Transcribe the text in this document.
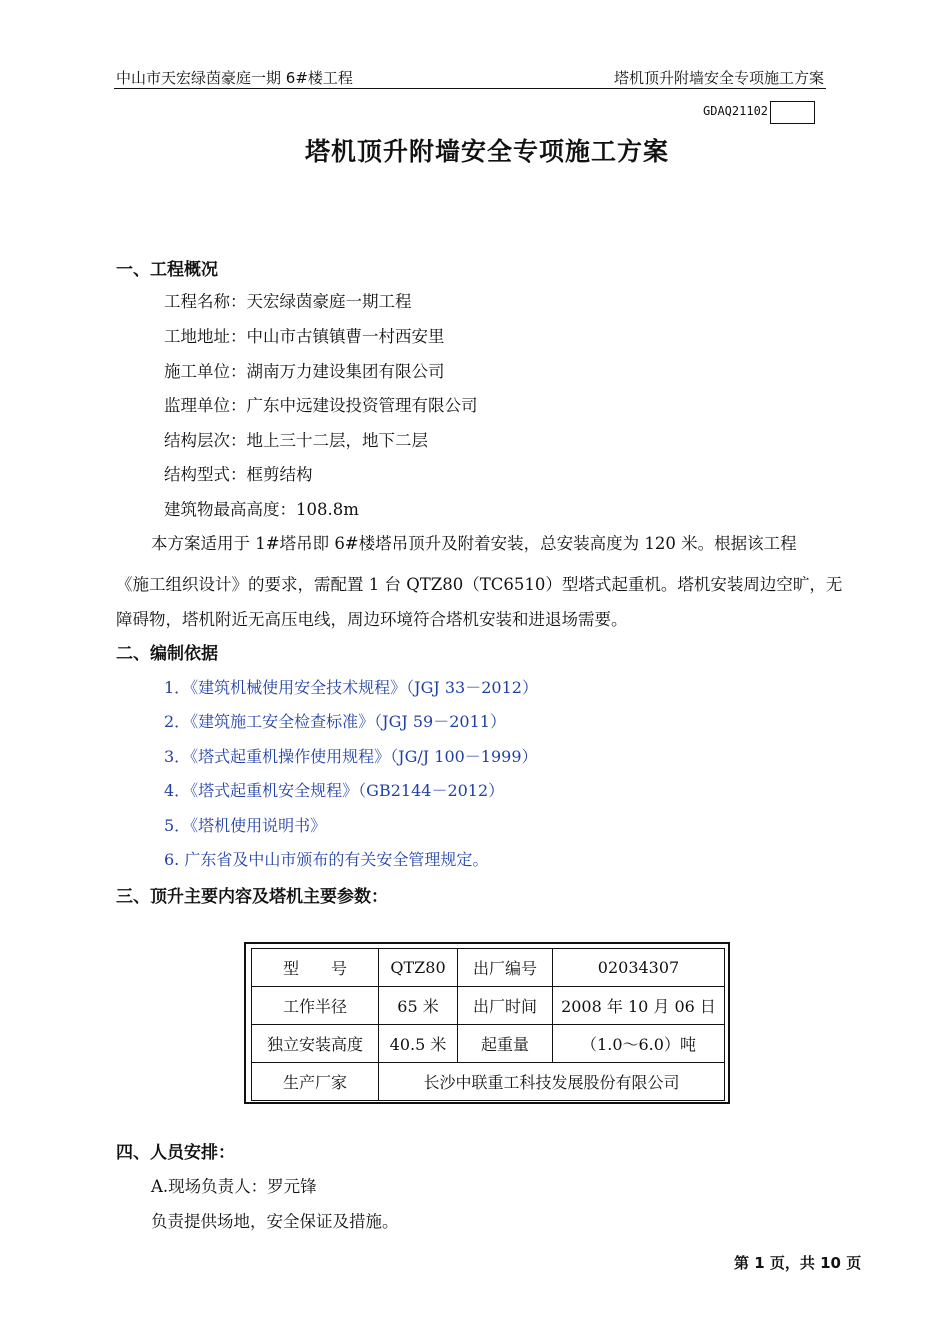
中山市天宏绿茵豪庭一期 6#楼工程	塔机顶升附墙安全专项施工方案
GDAQ21102
塔机顶升附墙安全专项施工方案
一、工程概况
工程名称：天宏绿茵豪庭一期工程
工地地址：中山市古镇镇曹一村西安里
施工单位：湖南万力建设集团有限公司
监理单位：广东中远建设投资管理有限公司
结构层次：地上三十二层，地下二层
结构型式：框剪结构
建筑物最高高度：108.8m
本方案适用于 1#塔吊即 6#楼塔吊顶升及附着安装，总安装高度为 120 米。根据该工程
《施工组织设计》的要求，需配置 1 台 QTZ80（TC6510）型塔式起重机。塔机安装周边空旷，无
障碍物，塔机附近无高压电线，周边环境符合塔机安装和进退场需要。
二、编制依据
1．《建筑机械使用安全技术规程》（JGJ 33－2012）
2．《建筑施工安全检查标准》（JGJ 59－2011）
3．《塔式起重机操作使用规程》（JG/J 100－1999）
4．《塔式起重机安全规程》（GB2144－2012）
5．《塔机使用说明书》
6. 广东省及中山市颁布的有关安全管理规定。
三、顶升主要内容及塔机主要参数：
型　　号	QTZ80	出厂编号	02034307
工作半径	65 米	出厂时间	2008 年 10 月 06 日
独立安装高度	40.5 米	起重量	（1.0～6.0）吨
生产厂家	长沙中联重工科技发展股份有限公司		
四、人员安排：
A.现场负责人：罗元锋
负责提供场地，安全保证及措施。
第 1 页，共 10 页
